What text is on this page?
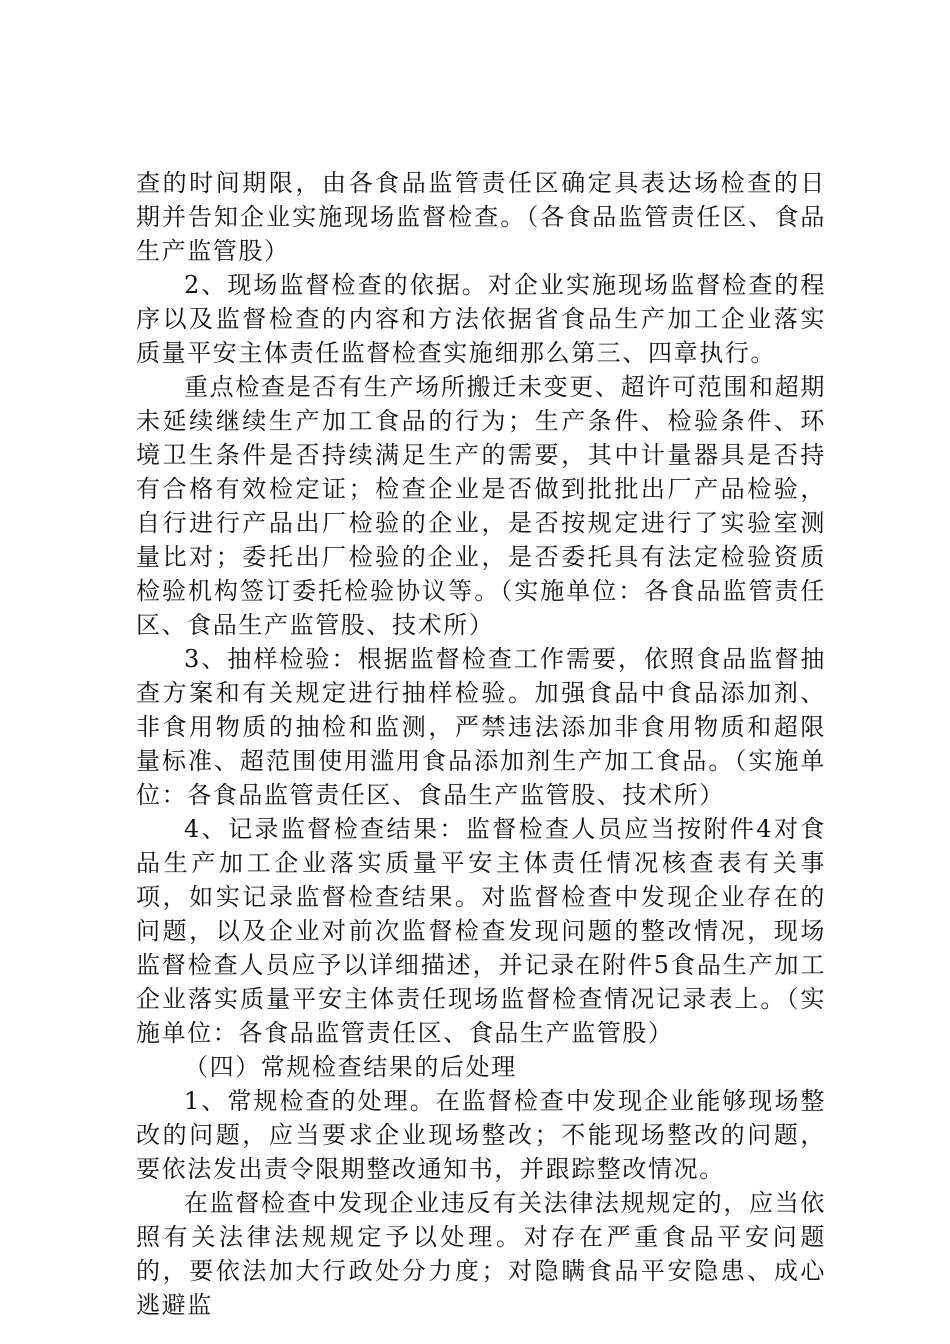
查的时间期限，由各食品监管责任区确定具表达场检查的日期并告知企业实施现场监督检查。（各食品监管责任区、食品生产监管股）

2、现场监督检查的依据。对企业实施现场监督检查的程序以及监督检查的内容和方法依据省食品生产加工企业落实质量平安主体责任监督检查实施细那么第三、四章执行。

重点检查是否有生产场所搬迁未变更、超许可范围和超期未延续继续生产加工食品的行为；生产条件、检验条件、环境卫生条件是否持续满足生产的需要，其中计量器具是否持有合格有效检定证；检查企业是否做到批批出厂产品检验，自行进行产品出厂检验的企业，是否按规定进行了实验室测量比对；委托出厂检验的企业，是否委托具有法定检验资质检验机构签订委托检验协议等。（实施单位：各食品监管责任区、食品生产监管股、技术所）

3、抽样检验：根据监督检查工作需要，依照食品监督抽查方案和有关规定进行抽样检验。加强食品中食品添加剂、非食用物质的抽检和监测，严禁违法添加非食用物质和超限量标准、超范围使用滥用食品添加剂生产加工食品。（实施单位：各食品监管责任区、食品生产监管股、技术所）

4、记录监督检查结果：监督检查人员应当按附件4对食品生产加工企业落实质量平安主体责任情况核查表有关事项，如实记录监督检查结果。对监督检查中发现企业存在的问题，以及企业对前次监督检查发现问题的整改情况，现场监督检查人员应予以详细描述，并记录在附件5食品生产加工企业落实质量平安主体责任现场监督检查情况记录表上。（实施单位：各食品监管责任区、食品生产监管股）

（四）常规检查结果的后处理

1、常规检查的处理。在监督检查中发现企业能够现场整改的问题，应当要求企业现场整改；不能现场整改的问题，要依法发出责令限期整改通知书，并跟踪整改情况。

在监督检查中发现企业违反有关法律法规规定的，应当依照有关法律法规规定予以处理。对存在严重食品平安问题的，要依法加大行政处分力度；对隐瞒食品平安隐患、成心逃避监
